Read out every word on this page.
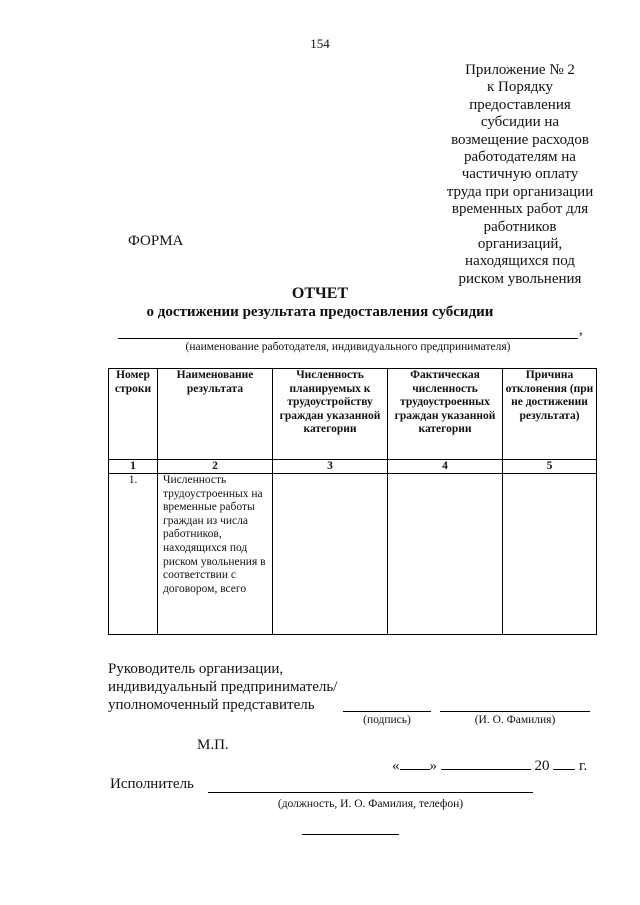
154
Приложение № 2
к Порядку
предоставления
субсидии на
возмещение расходов
работодателям на
частичную оплату
труда при организации
временных работ для
работников
организаций,
находящихся под
риском увольнения
ФОРМА
ОТЧЕТ
о достижении результата предоставления субсидии
,
(наименование работодателя, индивидуального предпринимателя)
Номер строки	Наименование результата	Численность планируемых к трудоустройству граждан указанной категории	Фактическая численность трудоустроенных граждан указанной категории	Причина отклонения (при не достижении результата)
1	2	3	4	5
1.	Численность трудоустроенных на временные работы граждан из числа работников, находящихся под риском увольнения в соответствии с договором, всего			
Руководитель организации,
индивидуальный предприниматель/
уполномоченный представитель
(подпись)	(И. О. Фамилия)
М.П.
« »	20 г.
Исполнитель
(должность, И. О. Фамилия, телефон)
